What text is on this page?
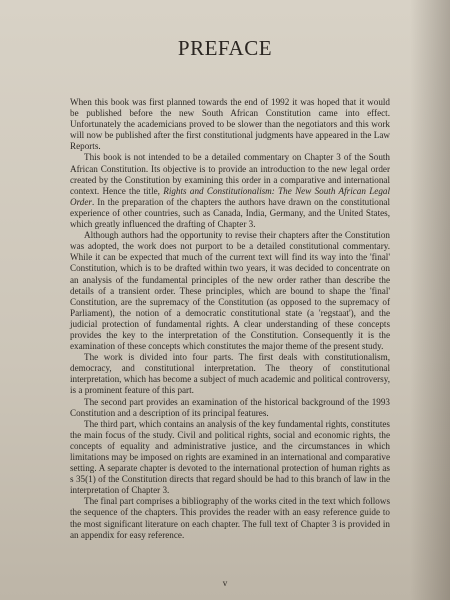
PREFACE

When this book was first planned towards the end of 1992 it was hoped that it would be published before the new South African Constitution came into effect. Unfortunately the academicians proved to be slower than the negotiators and this work will now be published after the first constitutional judgments have appeared in the Law Reports.

This book is not intended to be a detailed commentary on Chapter 3 of the South African Constitution. Its objective is to provide an introduction to the new legal order created by the Constitution by examining this order in a comparative and international context. Hence the title, Rights and Constitutionalism: The New South African Legal Order. In the preparation of the chapters the authors have drawn on the constitutional experience of other countries, such as Canada, India, Germany, and the United States, which greatly influenced the drafting of Chapter 3.

Although authors had the opportunity to revise their chapters after the Constitution was adopted, the work does not purport to be a detailed constitutional commentary. While it can be expected that much of the current text will find its way into the 'final' Constitution, which is to be drafted within two years, it was decided to concentrate on an analysis of the fundamental principles of the new order rather than describe the details of a transient order. These principles, which are bound to shape the 'final' Constitution, are the supremacy of the Constitution (as opposed to the supremacy of Parliament), the notion of a democratic constitutional state (a 'regstaat'), and the judicial protection of fundamental rights. A clear understanding of these concepts provides the key to the interpretation of the Constitution. Consequently it is the examination of these concepts which constitutes the major theme of the present study.

The work is divided into four parts. The first deals with constitutionalism, democracy, and constitutional interpretation. The theory of constitutional interpretation, which has become a subject of much academic and political controversy, is a prominent feature of this part.

The second part provides an examination of the historical background of the 1993 Constitution and a description of its principal features.

The third part, which contains an analysis of the key fundamental rights, constitutes the main focus of the study. Civil and political rights, social and economic rights, the concepts of equality and administrative justice, and the circumstances in which limitations may be imposed on rights are examined in an international and comparative setting. A separate chapter is devoted to the international protection of human rights as s 35(1) of the Constitution directs that regard should be had to this branch of law in the interpretation of Chapter 3.

The final part comprises a bibliography of the works cited in the text which follows the sequence of the chapters. This provides the reader with an easy reference guide to the most significant literature on each chapter. The full text of Chapter 3 is provided in an appendix for easy reference.

v
